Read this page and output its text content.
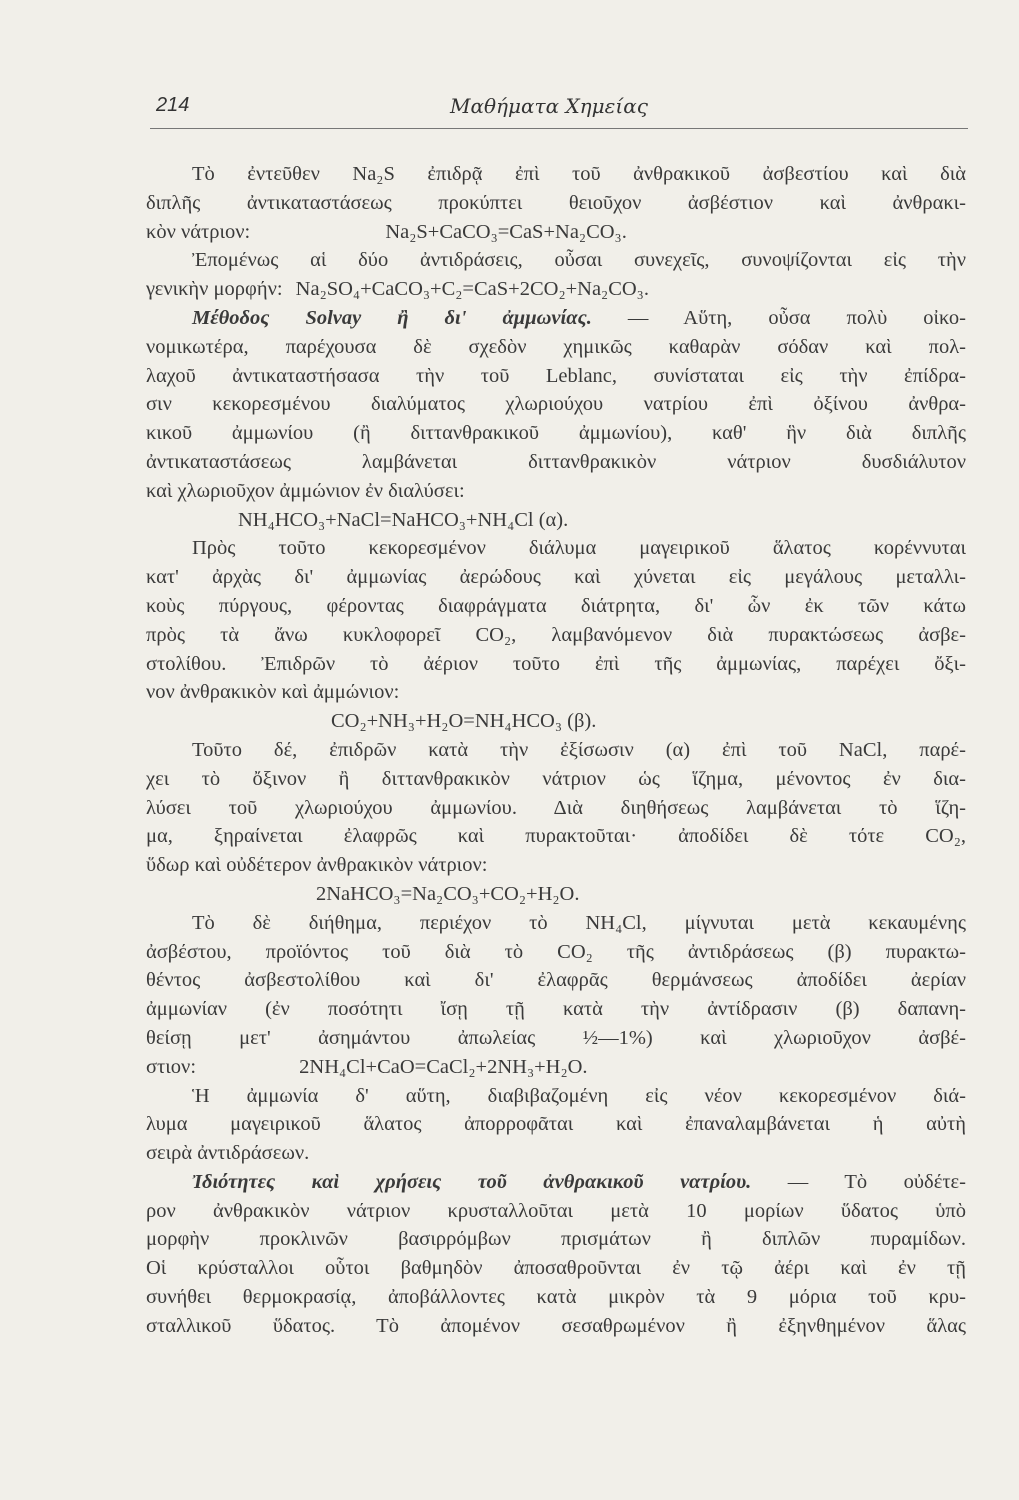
214	Μαθήματα Χημείας
Τὸ ἐντεῦθεν Na₂S ἐπιδρᾷ ἐπὶ τοῦ ἀνθρακικοῦ ἀσβεστίου καὶ διὰ
διπλῆς ἀντικαταστάσεως προκύπτει θειοῦχον ἀσβέστιον καὶ ἀνθρακι-
κὸν νάτριον:	Na₂S+CaCO₃=CaS+Na₂CO₃.
Ἐπομένως αἱ δύο ἀντιδράσεις, οὖσαι συνεχεῖς, συνοψίζονται εἰς τὴν
γενικὴν μορφήν: Na₂SO₄+CaCO₃+C₂=CaS+2CO₂+Na₂CO₃.
Μέθοδος Solvay ἢ δι' ἀμμωνίας. — Αὕτη, οὖσα πολὺ οἰκο-
νομικωτέρα, παρέχουσα δὲ σχεδὸν χημικῶς καθαρὰν σόδαν καὶ πολ-
λαχοῦ ἀντικαταστήσασα τὴν τοῦ Leblanc, συνίσταται εἰς τὴν ἐπίδρα-
σιν κεκορεσμένου διαλύματος χλωριούχου νατρίου ἐπὶ ὀξίνου ἀνθρα-
κικοῦ ἀμμωνίου (ἢ διττανθρακικοῦ ἀμμωνίου), καθ' ἣν διὰ διπλῆς
ἀντικαταστάσεως λαμβάνεται διττανθρακικὸν νάτριον δυσδιάλυτον
καὶ χλωριοῦχον ἀμμώνιον ἐν διαλύσει:
NH₄HCO₃+NaCl=NaHCO₃+NH₄Cl (α).
Πρὸς τοῦτο κεκορεσμένον διάλυμα μαγειρικοῦ ἅλατος κορέννυται
κατ' ἀρχὰς δι' ἀμμωνίας ἀερώδους καὶ χύνεται εἰς μεγάλους μεταλλι-
κοὺς πύργους, φέροντας διαφράγματα διάτρητα, δι' ὧν ἐκ τῶν κάτω
πρὸς τὰ ἄνω κυκλοφορεῖ CO₂, λαμβανόμενον διὰ πυρακτώσεως ἀσβε-
στολίθου. Ἐπιδρῶν τὸ ἀέριον τοῦτο ἐπὶ τῆς ἀμμωνίας, παρέχει ὄξι-
νον ἀνθρακικὸν καὶ ἀμμώνιον:
CO₂+NH₃+H₂O=NH₄HCO₃ (β).
Τοῦτο δέ, ἐπιδρῶν κατὰ τὴν ἐξίσωσιν (α) ἐπὶ τοῦ NaCl, παρέ-
χει τὸ ὄξινον ἢ διττανθρακικὸν νάτριον ὡς ἵζημα, μένοντος ἐν δια-
λύσει τοῦ χλωριούχου ἀμμωνίου. Διὰ διηθήσεως λαμβάνεται τὸ ἵζη-
μα, ξηραίνεται ἐλαφρῶς καὶ πυρακτοῦται· ἀποδίδει δὲ τότε CO₂,
ὕδωρ καὶ οὐδέτερον ἀνθρακικὸν νάτριον:
2NaHCO₃=Na₂CO₃+CO₂+H₂O.
Τὸ δὲ διήθημα, περιέχον τὸ NH₄Cl, μίγνυται μετὰ κεκαυμένης
ἀσβέστου, προϊόντος τοῦ διὰ τὸ CO₂ τῆς ἀντιδράσεως (β) πυρακτω-
θέντος ἀσβεστολίθου καὶ δι' ἐλαφρᾶς θερμάνσεως ἀποδίδει ἀερίαν
ἀμμωνίαν (ἐν ποσότητι ἴσῃ τῇ κατὰ τὴν ἀντίδρασιν (β) δαπανη-
θείσῃ μετ' ἀσημάντου ἀπωλείας ½—1%) καὶ χλωριοῦχον ἀσβέ-
στιον:	2NH₄Cl+CaO=CaCl₂+2NH₃+H₂O.
Ἡ ἀμμωνία δ' αὕτη, διαβιβαζομένη εἰς νέον κεκορεσμένον διά-
λυμα μαγειρικοῦ ἅλατος ἀπορροφᾶται καὶ ἐπαναλαμβάνεται ἡ αὐτὴ
σειρὰ ἀντιδράσεων.
Ἰδιότητες καὶ χρήσεις τοῦ ἀνθρακικοῦ νατρίου. — Τὸ οὐδέτε-
ρον ἀνθρακικὸν νάτριον κρυσταλλοῦται μετὰ 10 μορίων ὕδατος ὑπὸ
μορφὴν προκλινῶν βασιρρόμβων πρισμάτων ἢ διπλῶν πυραμίδων.
Οἱ κρύσταλλοι οὗτοι βαθμηδὸν ἀποσαθροῦνται ἐν τῷ ἀέρι καὶ ἐν τῇ
συνήθει θερμοκρασίᾳ, ἀποβάλλοντες κατὰ μικρὸν τὰ 9 μόρια τοῦ κρυ-
σταλλικοῦ ὕδατος. Τὸ ἀπομένον σεσαθρωμένον ἢ ἐξηνθημένον ἅλας
